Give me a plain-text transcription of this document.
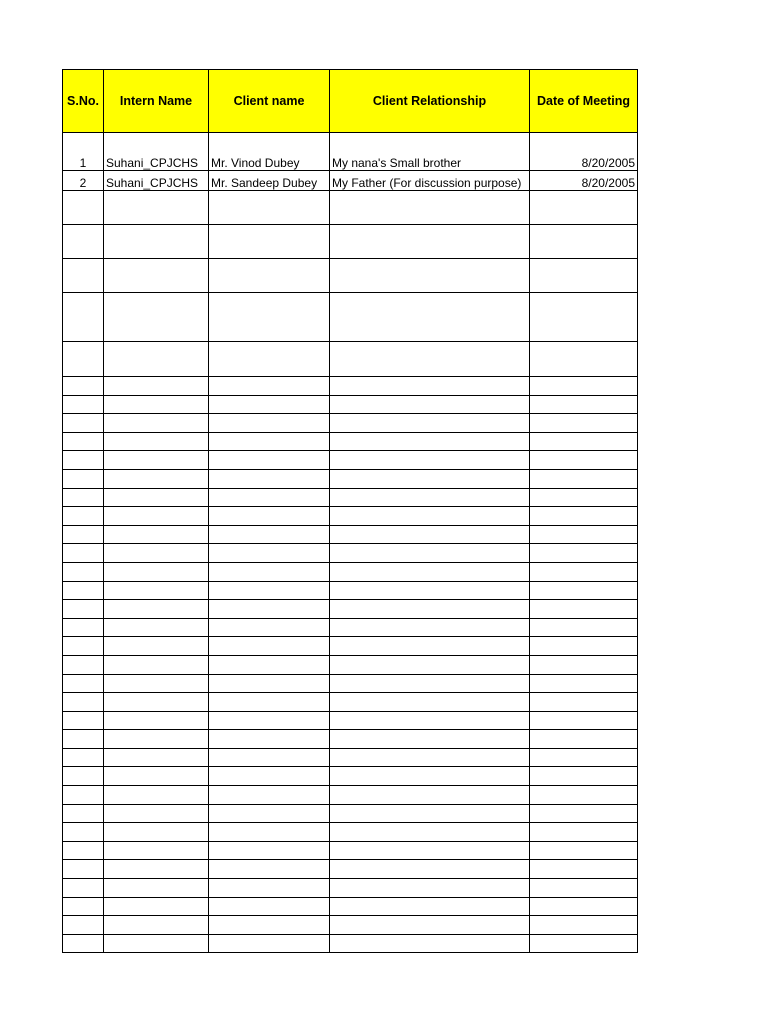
S.No.	Intern Name	Client name	Client Relationship	Date of Meeting
1	Suhani_CPJCHS	Mr. Vinod Dubey	My nana's Small brother	8/20/2005
2	Suhani_CPJCHS	Mr. Sandeep Dubey	My Father (For discussion purpose)	8/20/2005
